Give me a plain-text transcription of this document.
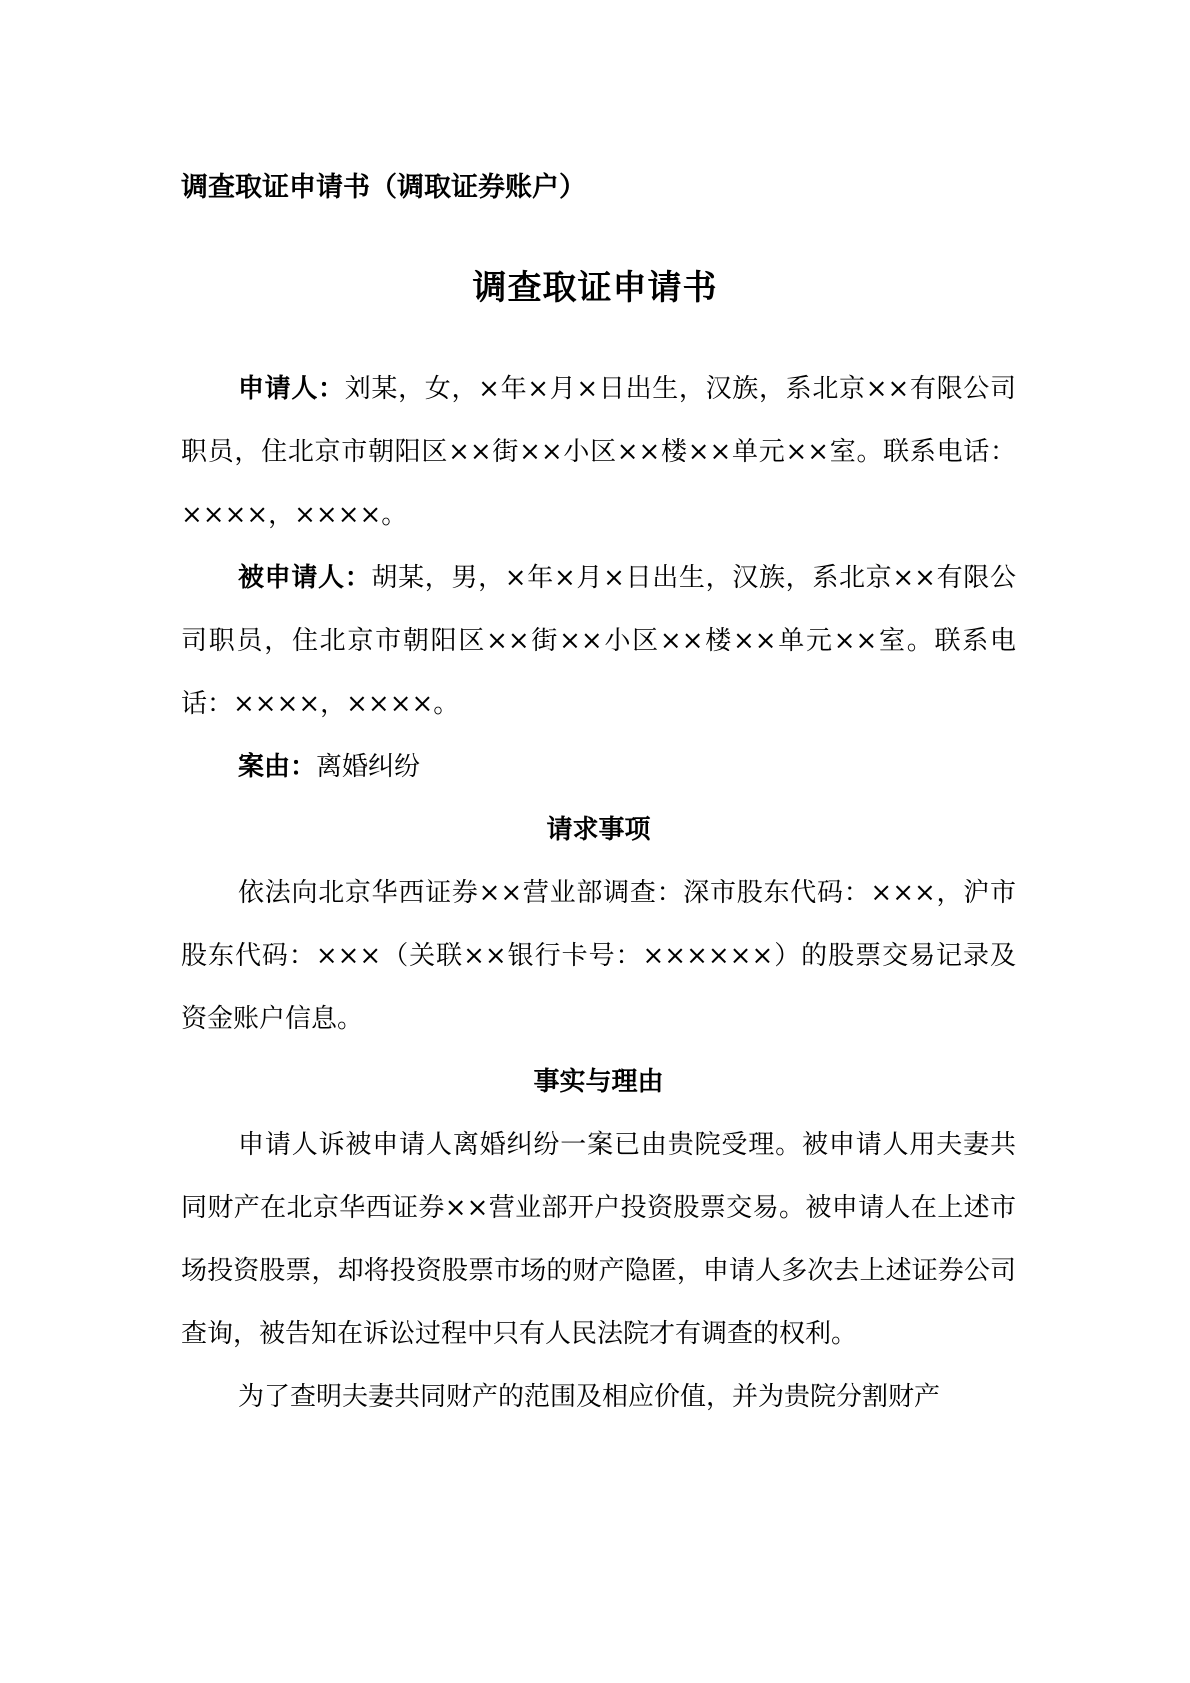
调查取证申请书（调取证券账户）
调查取证申请书

申请人：刘某，女，×年×月×日出生，汉族，系北京××有限公司职员，住北京市朝阳区××街××小区××楼××单元××室。联系电话：××××，××××。

被申请人：胡某，男，×年×月×日出生，汉族，系北京××有限公司职员，住北京市朝阳区××街××小区××楼××单元××室。联系电话：××××，××××。

案由：离婚纠纷

请求事项

依法向北京华西证券××营业部调查：深市股东代码：×××，沪市股东代码：×××（关联××银行卡号：××××××）的股票交易记录及资金账户信息。

事实与理由

申请人诉被申请人离婚纠纷一案已由贵院受理。被申请人用夫妻共同财产在北京华西证券××营业部开户投资股票交易。被申请人在上述市场投资股票，却将投资股票市场的财产隐匿，申请人多次去上述证券公司查询，被告知在诉讼过程中只有人民法院才有调查的权利。

为了查明夫妻共同财产的范围及相应价值，并为贵院分割财产
